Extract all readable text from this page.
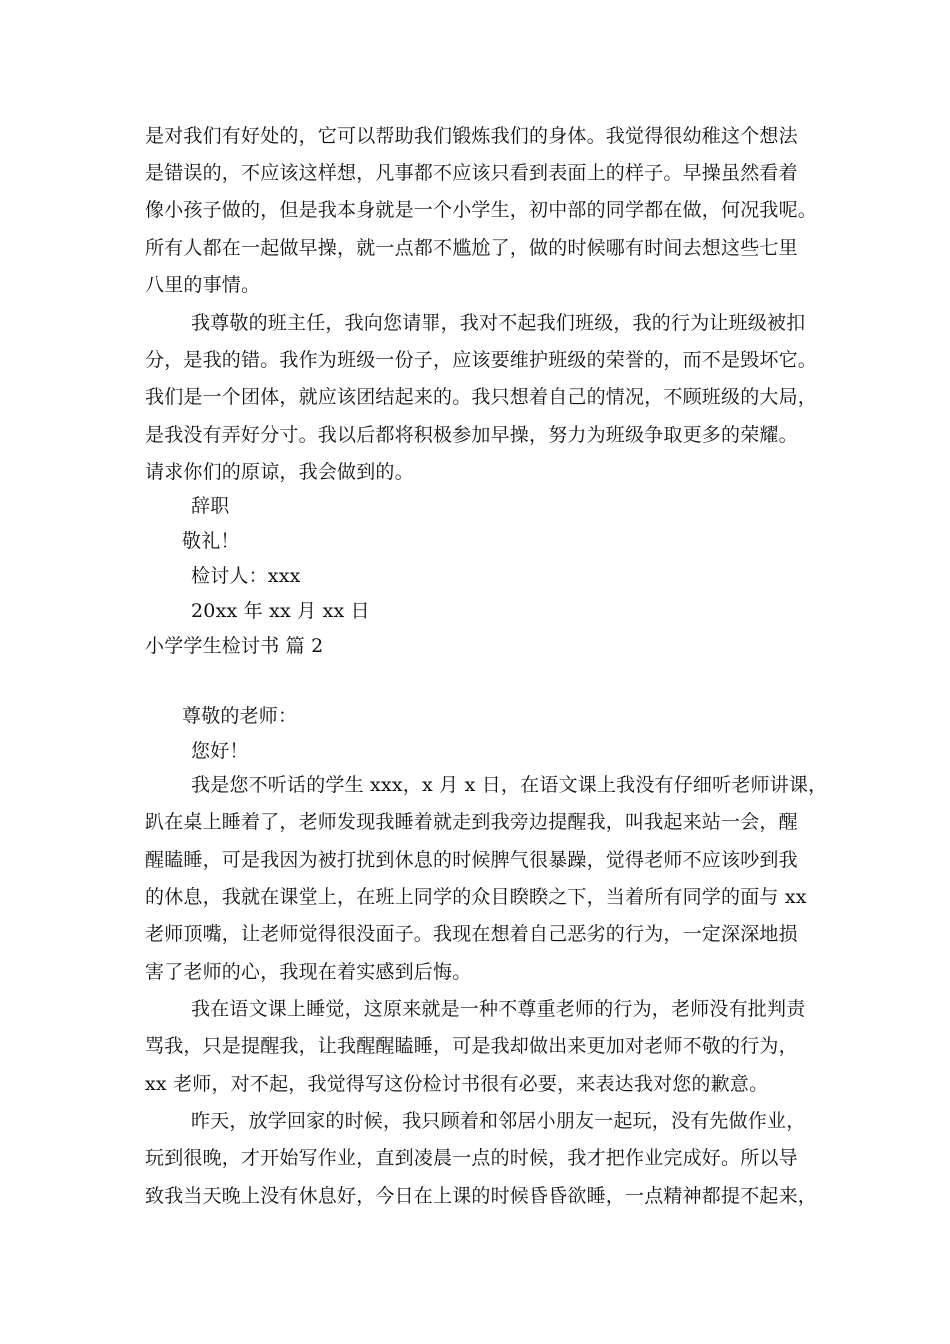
是对我们有好处的，它可以帮助我们锻炼我们的身体。我觉得很幼稚这个想法
是错误的，不应该这样想，凡事都不应该只看到表面上的样子。早操虽然看着
像小孩子做的，但是我本身就是一个小学生，初中部的同学都在做，何况我呢。
所有人都在一起做早操，就一点都不尴尬了，做的时候哪有时间去想这些七里
八里的事情。
我尊敬的班主任，我向您请罪，我对不起我们班级，我的行为让班级被扣
分，是我的错。我作为班级一份子，应该要维护班级的荣誉的，而不是毁坏它。
我们是一个团体，就应该团结起来的。我只想着自己的情况，不顾班级的大局，
是我没有弄好分寸。我以后都将积极参加早操，努力为班级争取更多的荣耀。
请求你们的原谅，我会做到的。
辞职
敬礼！
检讨人：xxx
20xx 年 xx 月 xx 日
小学学生检讨书 篇 2
尊敬的老师：
您好！
我是您不听话的学生 xxx，x 月 x 日，在语文课上我没有仔细听老师讲课，
趴在桌上睡着了，老师发现我睡着就走到我旁边提醒我，叫我起来站一会，醒
醒瞌睡，可是我因为被打扰到休息的时候脾气很暴躁，觉得老师不应该吵到我
的休息，我就在课堂上，在班上同学的众目睽睽之下，当着所有同学的面与 xx
老师顶嘴，让老师觉得很没面子。我现在想着自己恶劣的行为，一定深深地损
害了老师的心，我现在着实感到后悔。
我在语文课上睡觉，这原来就是一种不尊重老师的行为，老师没有批判责
骂我，只是提醒我，让我醒醒瞌睡，可是我却做出来更加对老师不敬的行为，
xx 老师，对不起，我觉得写这份检讨书很有必要，来表达我对您的歉意。
昨天，放学回家的时候，我只顾着和邻居小朋友一起玩，没有先做作业，
玩到很晚，才开始写作业，直到凌晨一点的时候，我才把作业完成好。所以导
致我当天晚上没有休息好，今日在上课的时候昏昏欲睡，一点精神都提不起来，
